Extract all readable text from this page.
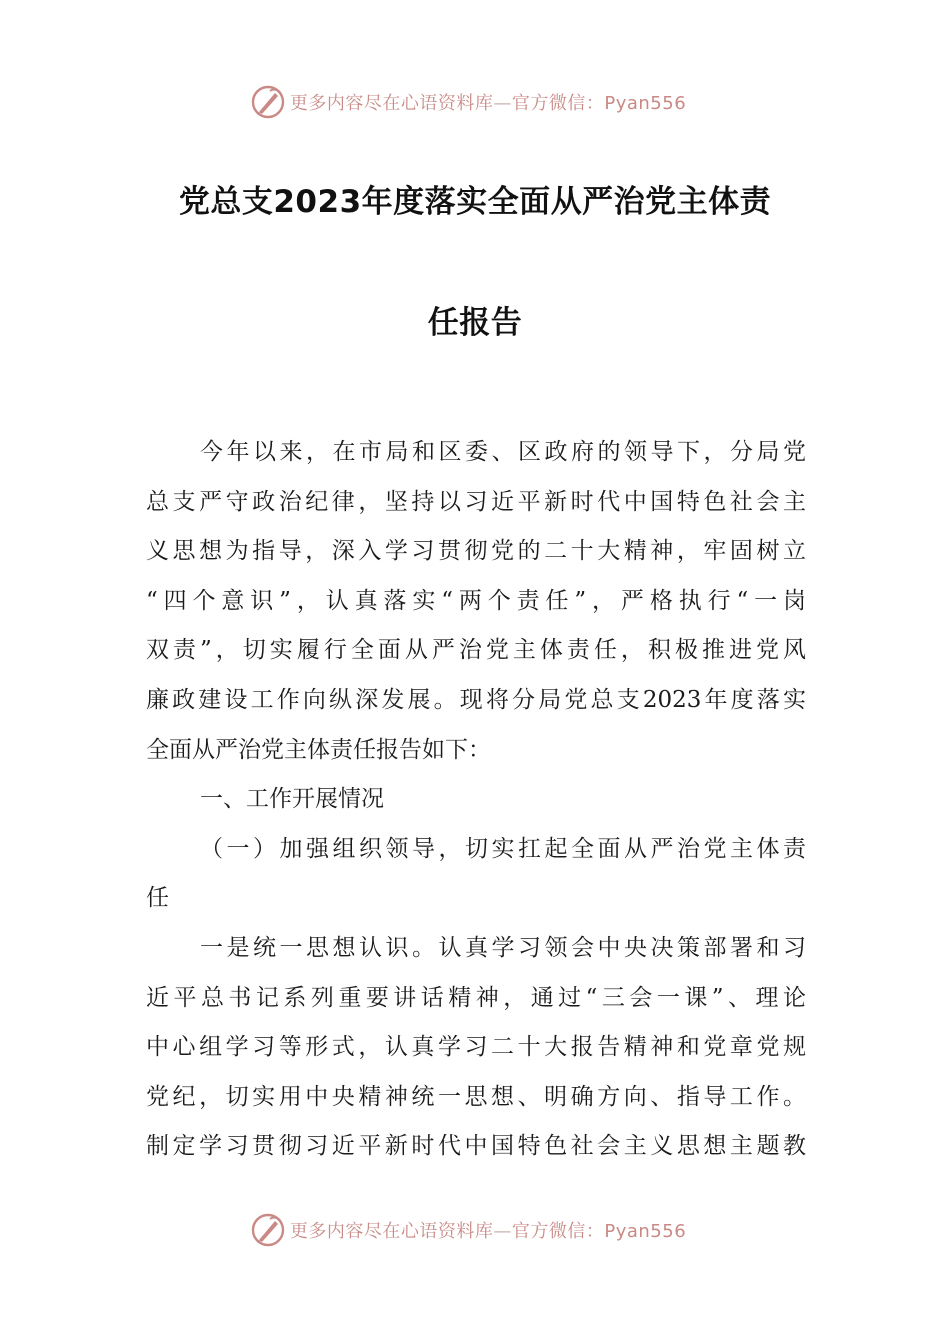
更多内容尽在心语资料库—官方微信：Pyan556
党总支2023年度落实全面从严治党主体责
任报告
今年以来，在市局和区委、区政府的领导下，分局党
总支严守政治纪律，坚持以习近平新时代中国特色社会主
义思想为指导，深入学习贯彻党的二十大精神，牢固树立
“四个意识”，认真落实“两个责任”，严格执行“一岗
双责”，切实履行全面从严治党主体责任，积极推进党风
廉政建设工作向纵深发展。现将分局党总支2023年度落实
全面从严治党主体责任报告如下：
一、工作开展情况
（一）加强组织领导，切实扛起全面从严治党主体责
任
一是统一思想认识。认真学习领会中央决策部署和习
近平总书记系列重要讲话精神，通过“三会一课”、理论
中心组学习等形式，认真学习二十大报告精神和党章党规
党纪，切实用中央精神统一思想、明确方向、指导工作。
制定学习贯彻习近平新时代中国特色社会主义思想主题教
更多内容尽在心语资料库—官方微信：Pyan556
